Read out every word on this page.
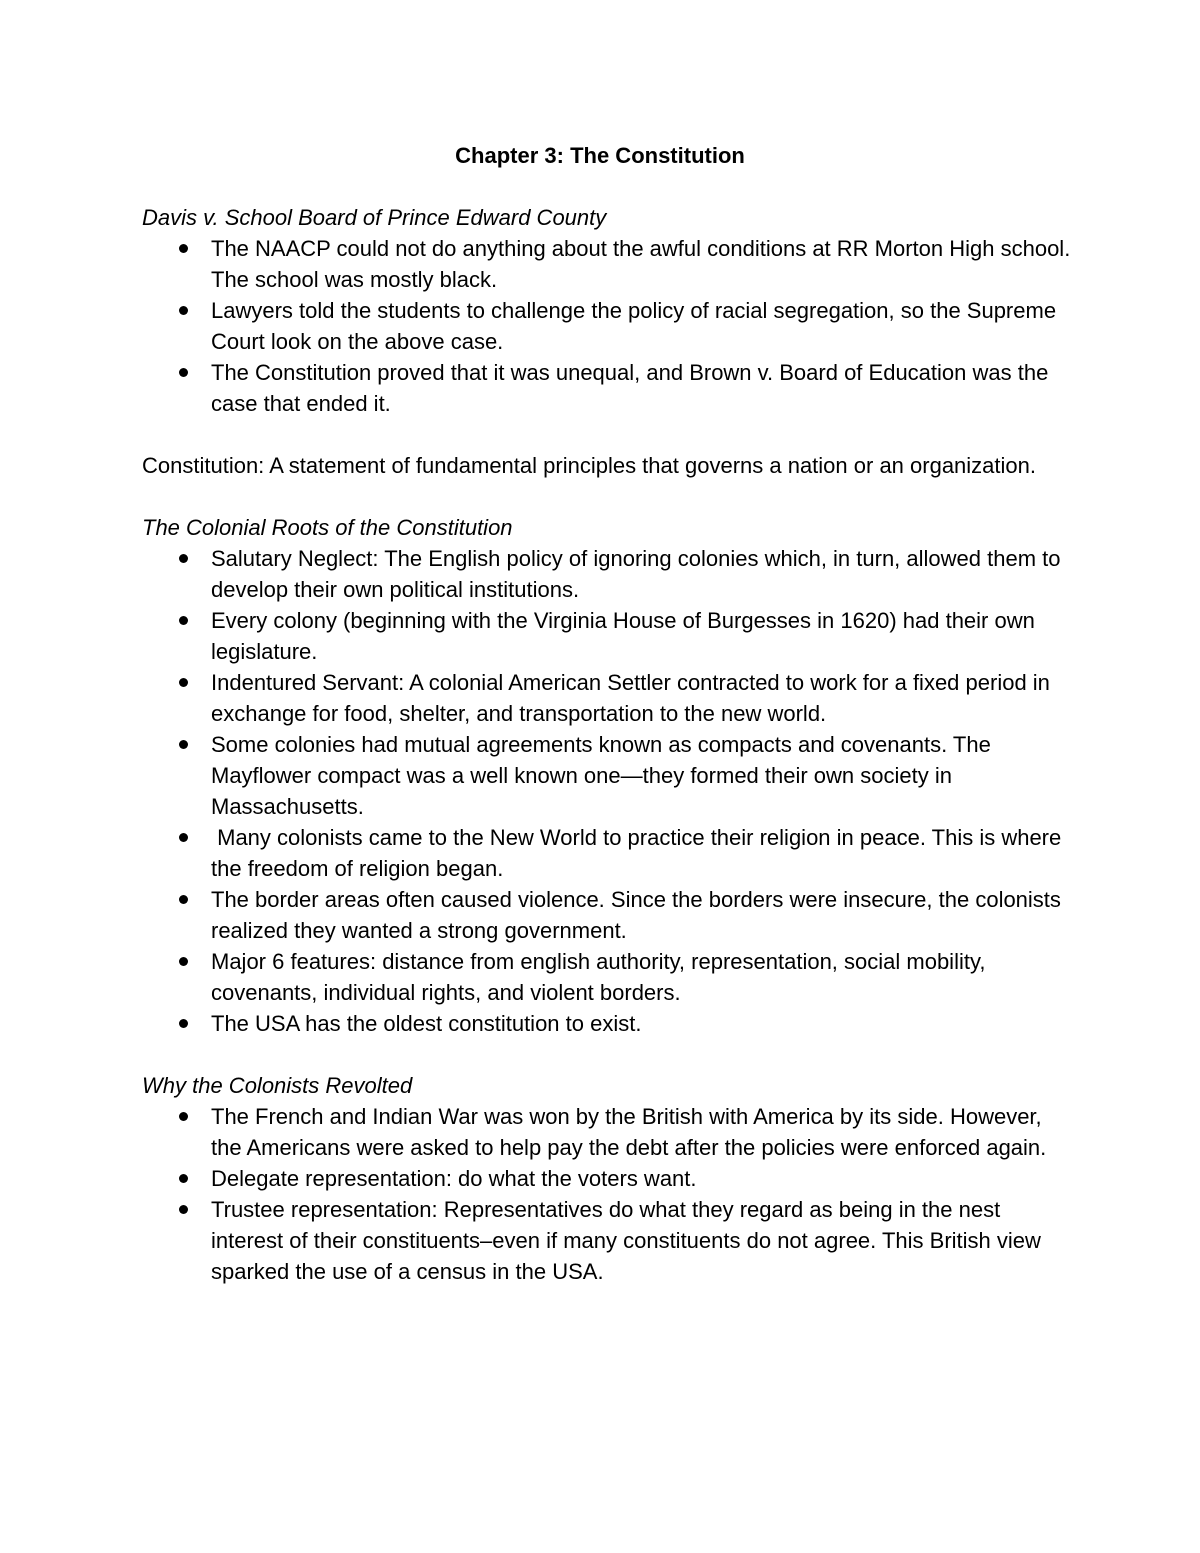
Chapter 3: The Constitution
Davis v. School Board of Prince Edward County
The NAACP could not do anything about the awful conditions at RR Morton High school. The school was mostly black.
Lawyers told the students to challenge the policy of racial segregation, so the Supreme Court look on the above case.
The Constitution proved that it was unequal, and Brown v. Board of Education was the case that ended it.
Constitution: A statement of fundamental principles that governs a nation or an organization.
The Colonial Roots of the Constitution
Salutary Neglect: The English policy of ignoring colonies which, in turn, allowed them to develop their own political institutions.
Every colony (beginning with the Virginia House of Burgesses in 1620) had their own legislature.
Indentured Servant: A colonial American Settler contracted to work for a fixed period in exchange for food, shelter, and transportation to the new world.
Some colonies had mutual agreements known as compacts and covenants. The Mayflower compact was a well known one—they formed their own society in Massachusetts.
Many colonists came to the New World to practice their religion in peace. This is where the freedom of religion began.
The border areas often caused violence. Since the borders were insecure, the colonists realized they wanted a strong government.
Major 6 features: distance from english authority, representation, social mobility, covenants, individual rights, and violent borders.
The USA has the oldest constitution to exist.
Why the Colonists Revolted
The French and Indian War was won by the British with America by its side. However, the Americans were asked to help pay the debt after the policies were enforced again.
Delegate representation: do what the voters want.
Trustee representation: Representatives do what they regard as being in the nest interest of their constituents–even if many constituents do not agree. This British view sparked the use of a census in the USA.
